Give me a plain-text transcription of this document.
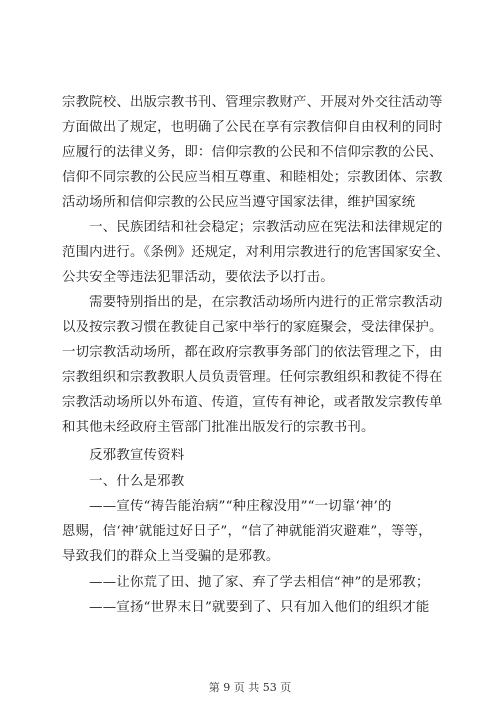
宗教院校、出版宗教书刊、管理宗教财产、开展对外交往活动等
方面做出了规定，也明确了公民在享有宗教信仰自由权利的同时
应履行的法律义务，即：信仰宗教的公民和不信仰宗教的公民、
信仰不同宗教的公民应当相互尊重、和睦相处；宗教团体、宗教
活动场所和信仰宗教的公民应当遵守国家法律，维护国家统
　　一、民族团结和社会稳定；宗教活动应在宪法和法律规定的
范围内进行。《条例》还规定，对利用宗教进行的危害国家安全、
公共安全等违法犯罪活动，要依法予以打击。
　　需要特别指出的是，在宗教活动场所内进行的正常宗教活动
以及按宗教习惯在教徒自己家中举行的家庭聚会，受法律保护。
一切宗教活动场所，都在政府宗教事务部门的依法管理之下，由
宗教组织和宗教教职人员负责管理。任何宗教组织和教徒不得在
宗教活动场所以外布道、传道，宣传有神论，或者散发宗教传单
和其他未经政府主管部门批准出版发行的宗教书刊。
　　反邪教宣传资料
　　一、什么是邪教
　　——宣传“祷告能治病”“种庄稼没用”“一切靠‘神’的
恩赐，信‘神’就能过好日子”，“信了神就能消灾避难”，等等，
导致我们的群众上当受骗的是邪教。
　　——让你荒了田、抛了家、弃了学去相信“神”的是邪教；
　　——宣扬“世界末日”就要到了、只有加入他们的组织才能
第 9 页 共 53 页
